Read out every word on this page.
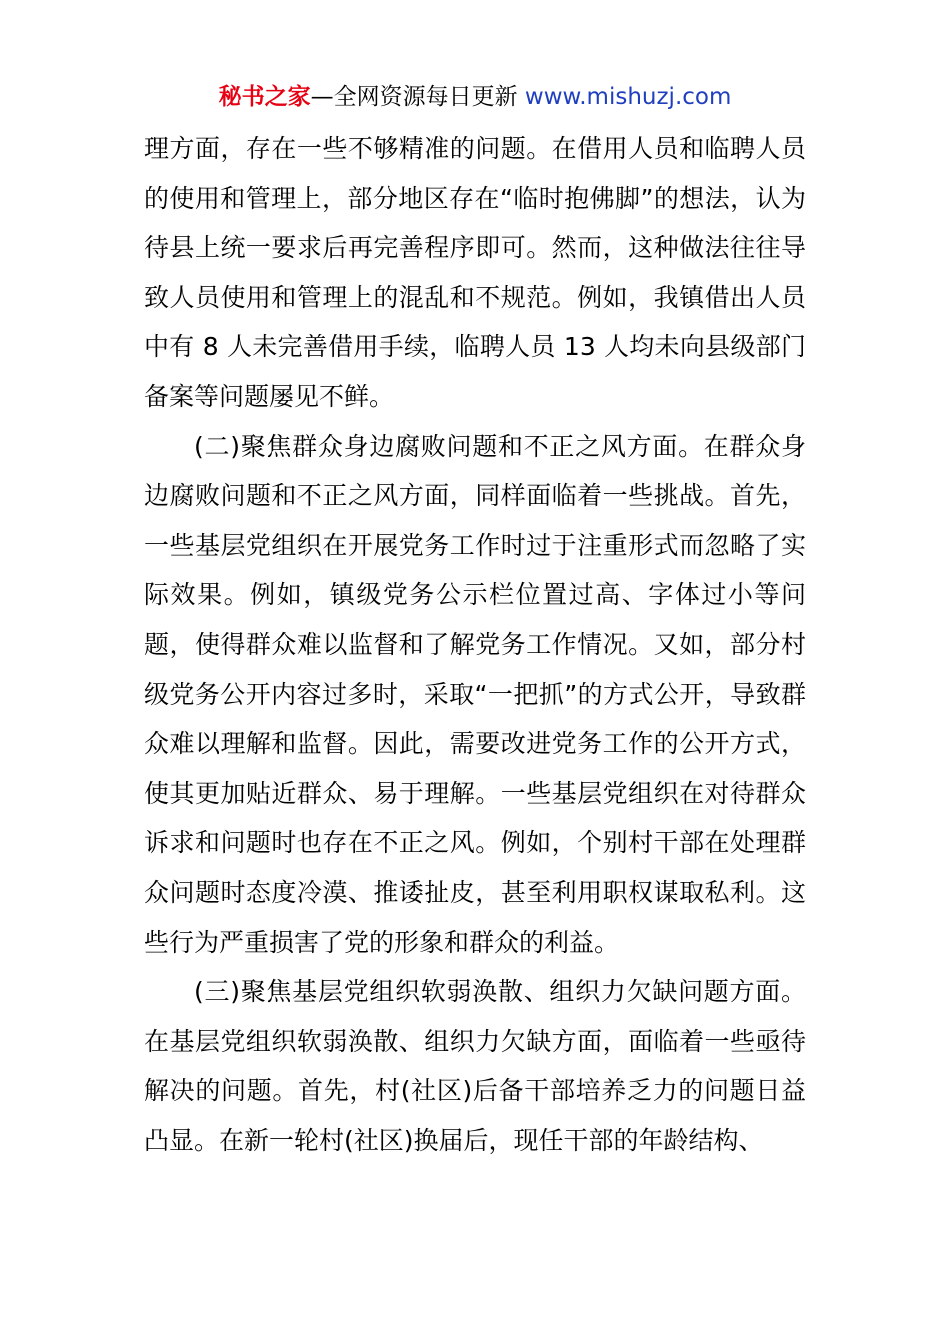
秘书之家—全网资源每日更新 www.mishuzj.com

理方面，存在一些不够精准的问题。在借用人员和临聘人员的使用和管理上，部分地区存在“临时抱佛脚”的想法，认为待县上统一要求后再完善程序即可。然而，这种做法往往导致人员使用和管理上的混乱和不规范。例如，我镇借出人员中有 8 人未完善借用手续，临聘人员 13 人均未向县级部门备案等问题屡见不鲜。

(二)聚焦群众身边腐败问题和不正之风方面。在群众身边腐败问题和不正之风方面，同样面临着一些挑战。首先，一些基层党组织在开展党务工作时过于注重形式而忽略了实际效果。例如，镇级党务公示栏位置过高、字体过小等问题，使得群众难以监督和了解党务工作情况。又如，部分村级党务公开内容过多时，采取“一把抓”的方式公开，导致群众难以理解和监督。因此，需要改进党务工作的公开方式，使其更加贴近群众、易于理解。一些基层党组织在对待群众诉求和问题时也存在不正之风。例如，个别村干部在处理群众问题时态度冷漠、推诿扯皮，甚至利用职权谋取私利。这些行为严重损害了党的形象和群众的利益。

(三)聚焦基层党组织软弱涣散、组织力欠缺问题方面。在基层党组织软弱涣散、组织力欠缺方面，面临着一些亟待解决的问题。首先，村(社区)后备干部培养乏力的问题日益凸显。在新一轮村(社区)换届后，现任干部的年龄结构、
